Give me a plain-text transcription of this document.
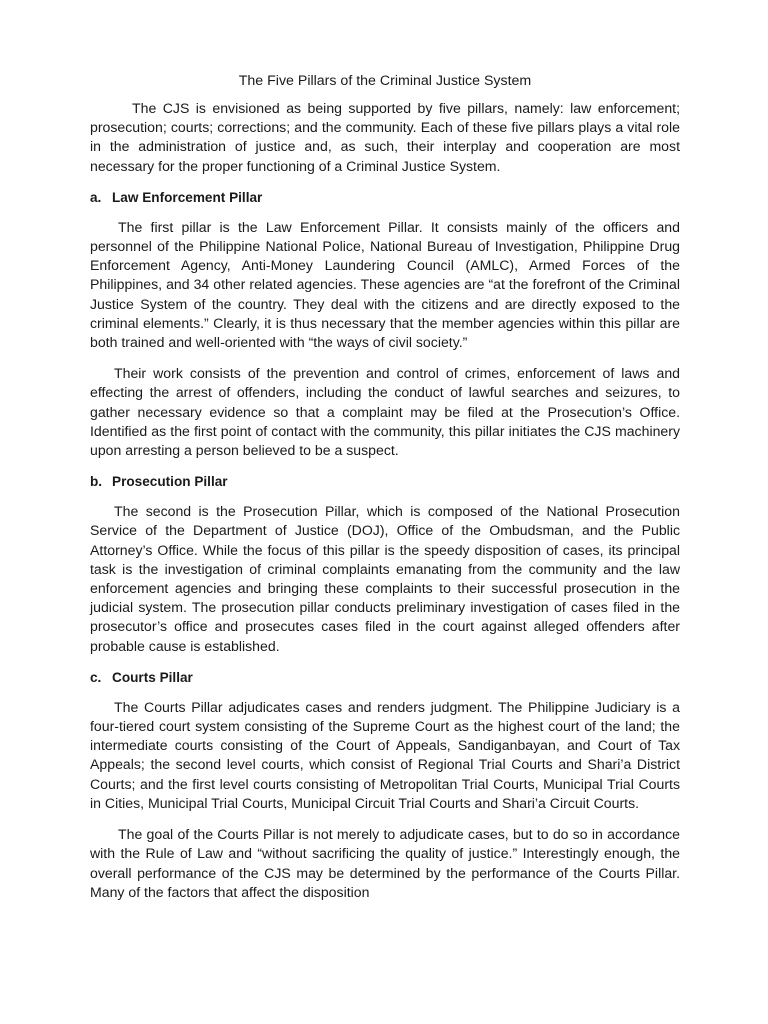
The Five Pillars of the Criminal Justice System

The CJS is envisioned as being supported by five pillars, namely: law enforcement; prosecution; courts; corrections; and the community. Each of these five pillars plays a vital role in the administration of justice and, as such, their interplay and cooperation are most necessary for the proper functioning of a Criminal Justice System.

a. Law Enforcement Pillar

The first pillar is the Law Enforcement Pillar. It consists mainly of the officers and personnel of the Philippine National Police, National Bureau of Investigation, Philippine Drug Enforcement Agency, Anti-Money Laundering Council (AMLC), Armed Forces of the Philippines, and 34 other related agencies. These agencies are “at the forefront of the Criminal Justice System of the country. They deal with the citizens and are directly exposed to the criminal elements.” Clearly, it is thus necessary that the member agencies within this pillar are both trained and well-oriented with “the ways of civil society.”

Their work consists of the prevention and control of crimes, enforcement of laws and effecting the arrest of offenders, including the conduct of lawful searches and seizures, to gather necessary evidence so that a complaint may be filed at the Prosecution’s Office. Identified as the first point of contact with the community, this pillar initiates the CJS machinery upon arresting a person believed to be a suspect.

b. Prosecution Pillar

The second is the Prosecution Pillar, which is composed of the National Prosecution Service of the Department of Justice (DOJ), Office of the Ombudsman, and the Public Attorney’s Office. While the focus of this pillar is the speedy disposition of cases, its principal task is the investigation of criminal complaints emanating from the community and the law enforcement agencies and bringing these complaints to their successful prosecution in the judicial system. The prosecution pillar conducts preliminary investigation of cases filed in the prosecutor’s office and prosecutes cases filed in the court against alleged offenders after probable cause is established.

c. Courts Pillar

The Courts Pillar adjudicates cases and renders judgment. The Philippine Judiciary is a four-tiered court system consisting of the Supreme Court as the highest court of the land; the intermediate courts consisting of the Court of Appeals, Sandiganbayan, and Court of Tax Appeals; the second level courts, which consist of Regional Trial Courts and Shari’a District Courts; and the first level courts consisting of Metropolitan Trial Courts, Municipal Trial Courts in Cities, Municipal Trial Courts, Municipal Circuit Trial Courts and Shari’a Circuit Courts.

The goal of the Courts Pillar is not merely to adjudicate cases, but to do so in accordance with the Rule of Law and “without sacrificing the quality of justice.” Interestingly enough, the overall performance of the CJS may be determined by the performance of the Courts Pillar. Many of the factors that affect the disposition
